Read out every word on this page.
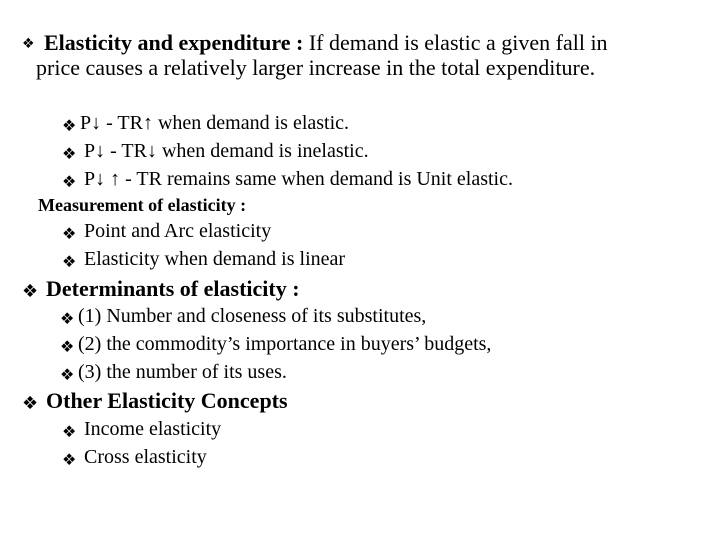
❖ Elasticity and expenditure : If demand is elastic a given fall in
price causes a relatively larger increase in the total expenditure.
❖ P↓ - TR↑ when demand is elastic.
❖ P↓ - TR↓ when demand is inelastic.
❖ P↓ ↑ - TR remains same when demand is Unit elastic.
Measurement of elasticity :
❖ Point and Arc elasticity
❖ Elasticity when demand is linear
❖ Determinants of elasticity :
❖ (1) Number and closeness of its substitutes,
❖ (2) the commodity’s importance in buyers’ budgets,
❖ (3) the number of its uses.
❖ Other Elasticity Concepts
❖ Income elasticity
❖ Cross elasticity
